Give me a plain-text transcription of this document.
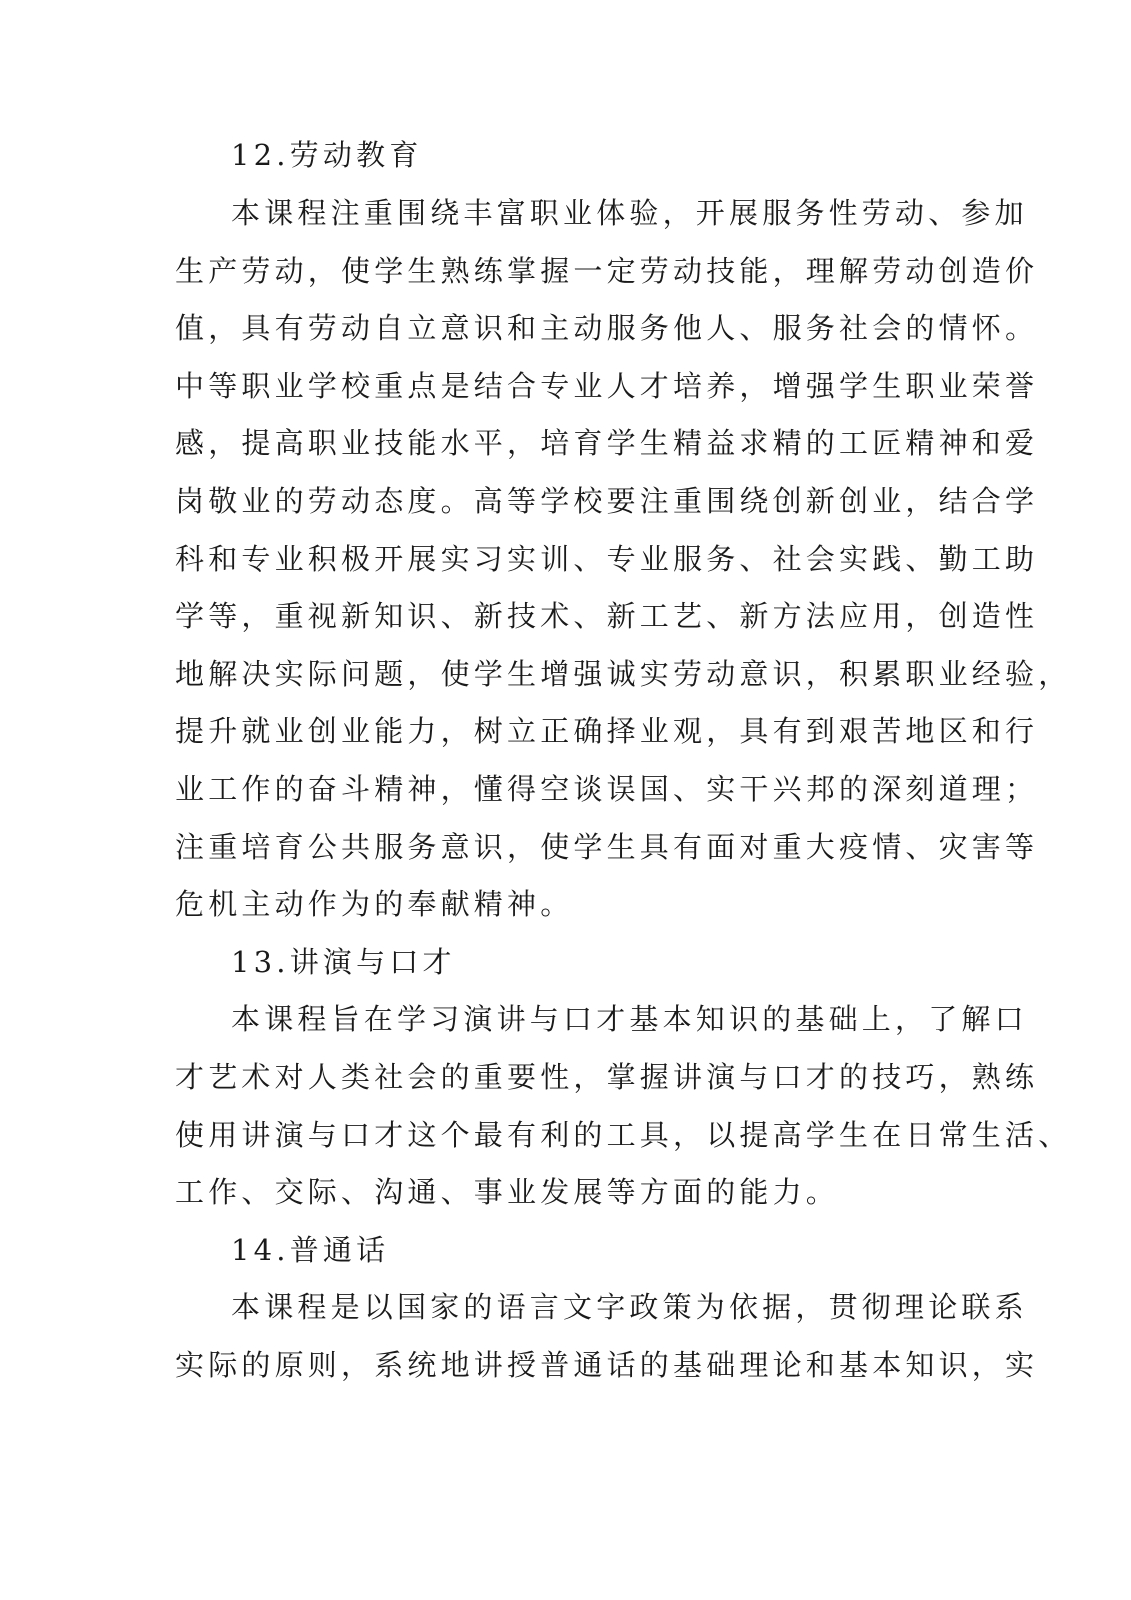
12.劳动教育
本课程注重围绕丰富职业体验，开展服务性劳动、参加
生产劳动，使学生熟练掌握一定劳动技能，理解劳动创造价
值，具有劳动自立意识和主动服务他人、服务社会的情怀。
中等职业学校重点是结合专业人才培养，增强学生职业荣誉
感，提高职业技能水平，培育学生精益求精的工匠精神和爱
岗敬业的劳动态度。高等学校要注重围绕创新创业，结合学
科和专业积极开展实习实训、专业服务、社会实践、勤工助
学等，重视新知识、新技术、新工艺、新方法应用，创造性
地解决实际问题，使学生增强诚实劳动意识，积累职业经验，
提升就业创业能力，树立正确择业观，具有到艰苦地区和行
业工作的奋斗精神，懂得空谈误国、实干兴邦的深刻道理；
注重培育公共服务意识，使学生具有面对重大疫情、灾害等
危机主动作为的奉献精神。
13.讲演与口才
本课程旨在学习演讲与口才基本知识的基础上，了解口
才艺术对人类社会的重要性，掌握讲演与口才的技巧，熟练
使用讲演与口才这个最有利的工具，以提高学生在日常生活、
工作、交际、沟通、事业发展等方面的能力。
14.普通话
本课程是以国家的语言文字政策为依据，贯彻理论联系
实际的原则，系统地讲授普通话的基础理论和基本知识，实
